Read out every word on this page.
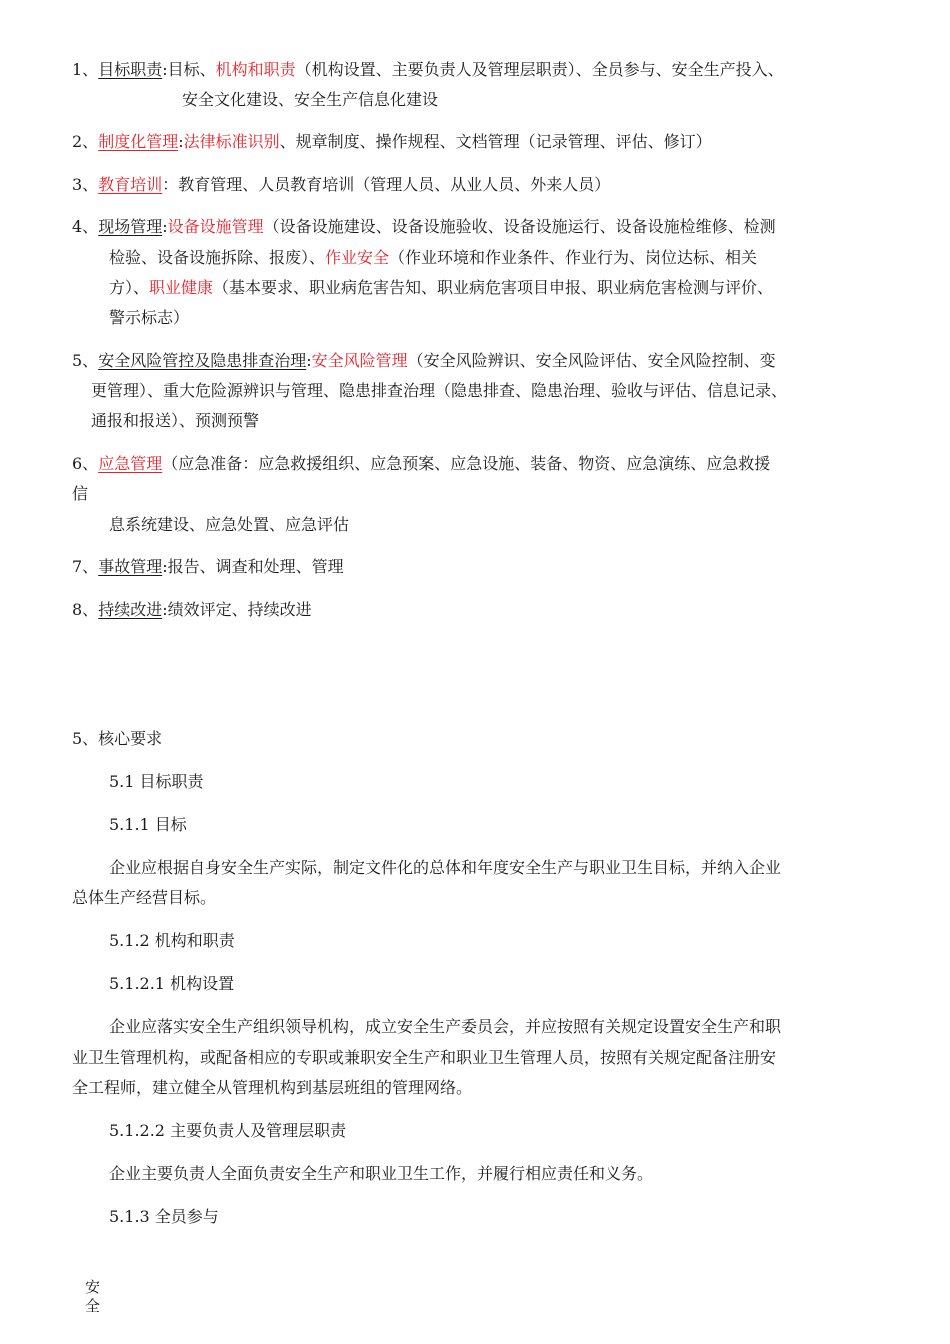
1、目标职责:目标、机构和职责（机构设置、主要负责人及管理层职责）、全员参与、安全生产投入、
安全文化建设、安全生产信息化建设
2、制度化管理:法律标准识别、规章制度、操作规程、文档管理（记录管理、评估、修订）
3、教育培训：教育管理、人员教育培训（管理人员、从业人员、外来人员）
4、现场管理:设备设施管理（设备设施建设、设备设施验收、设备设施运行、设备设施检维修、检测
检验、设备设施拆除、报废）、作业安全（作业环境和作业条件、作业行为、岗位达标、相关
方）、职业健康（基本要求、职业病危害告知、职业病危害项目申报、职业病危害检测与评价、
警示标志）
5、安全风险管控及隐患排查治理:安全风险管理（安全风险辨识、安全风险评估、安全风险控制、变
更管理）、重大危险源辨识与管理、隐患排查治理（隐患排查、隐患治理、验收与评估、信息记录、
通报和报送）、预测预警
6、应急管理（应急准备：应急救援组织、应急预案、应急设施、装备、物资、应急演练、应急救援
信
息系统建设、应急处置、应急评估
7、事故管理:报告、调查和处理、管理
8、持续改进:绩效评定、持续改进
5、核心要求
5.1 目标职责
5.1.1 目标
企业应根据自身安全生产实际，制定文件化的总体和年度安全生产与职业卫生目标，并纳入企业
总体生产经营目标。
5.1.2 机构和职责
5.1.2.1 机构设置
企业应落实安全生产组织领导机构，成立安全生产委员会，并应按照有关规定设置安全生产和职
业卫生管理机构，或配备相应的专职或兼职安全生产和职业卫生管理人员，按照有关规定配备注册安
全工程师，建立健全从管理机构到基层班组的管理网络。
5.1.2.2 主要负责人及管理层职责
企业主要负责人全面负责安全生产和职业卫生工作，并履行相应责任和义务。
5.1.3 全员参与
安
全
